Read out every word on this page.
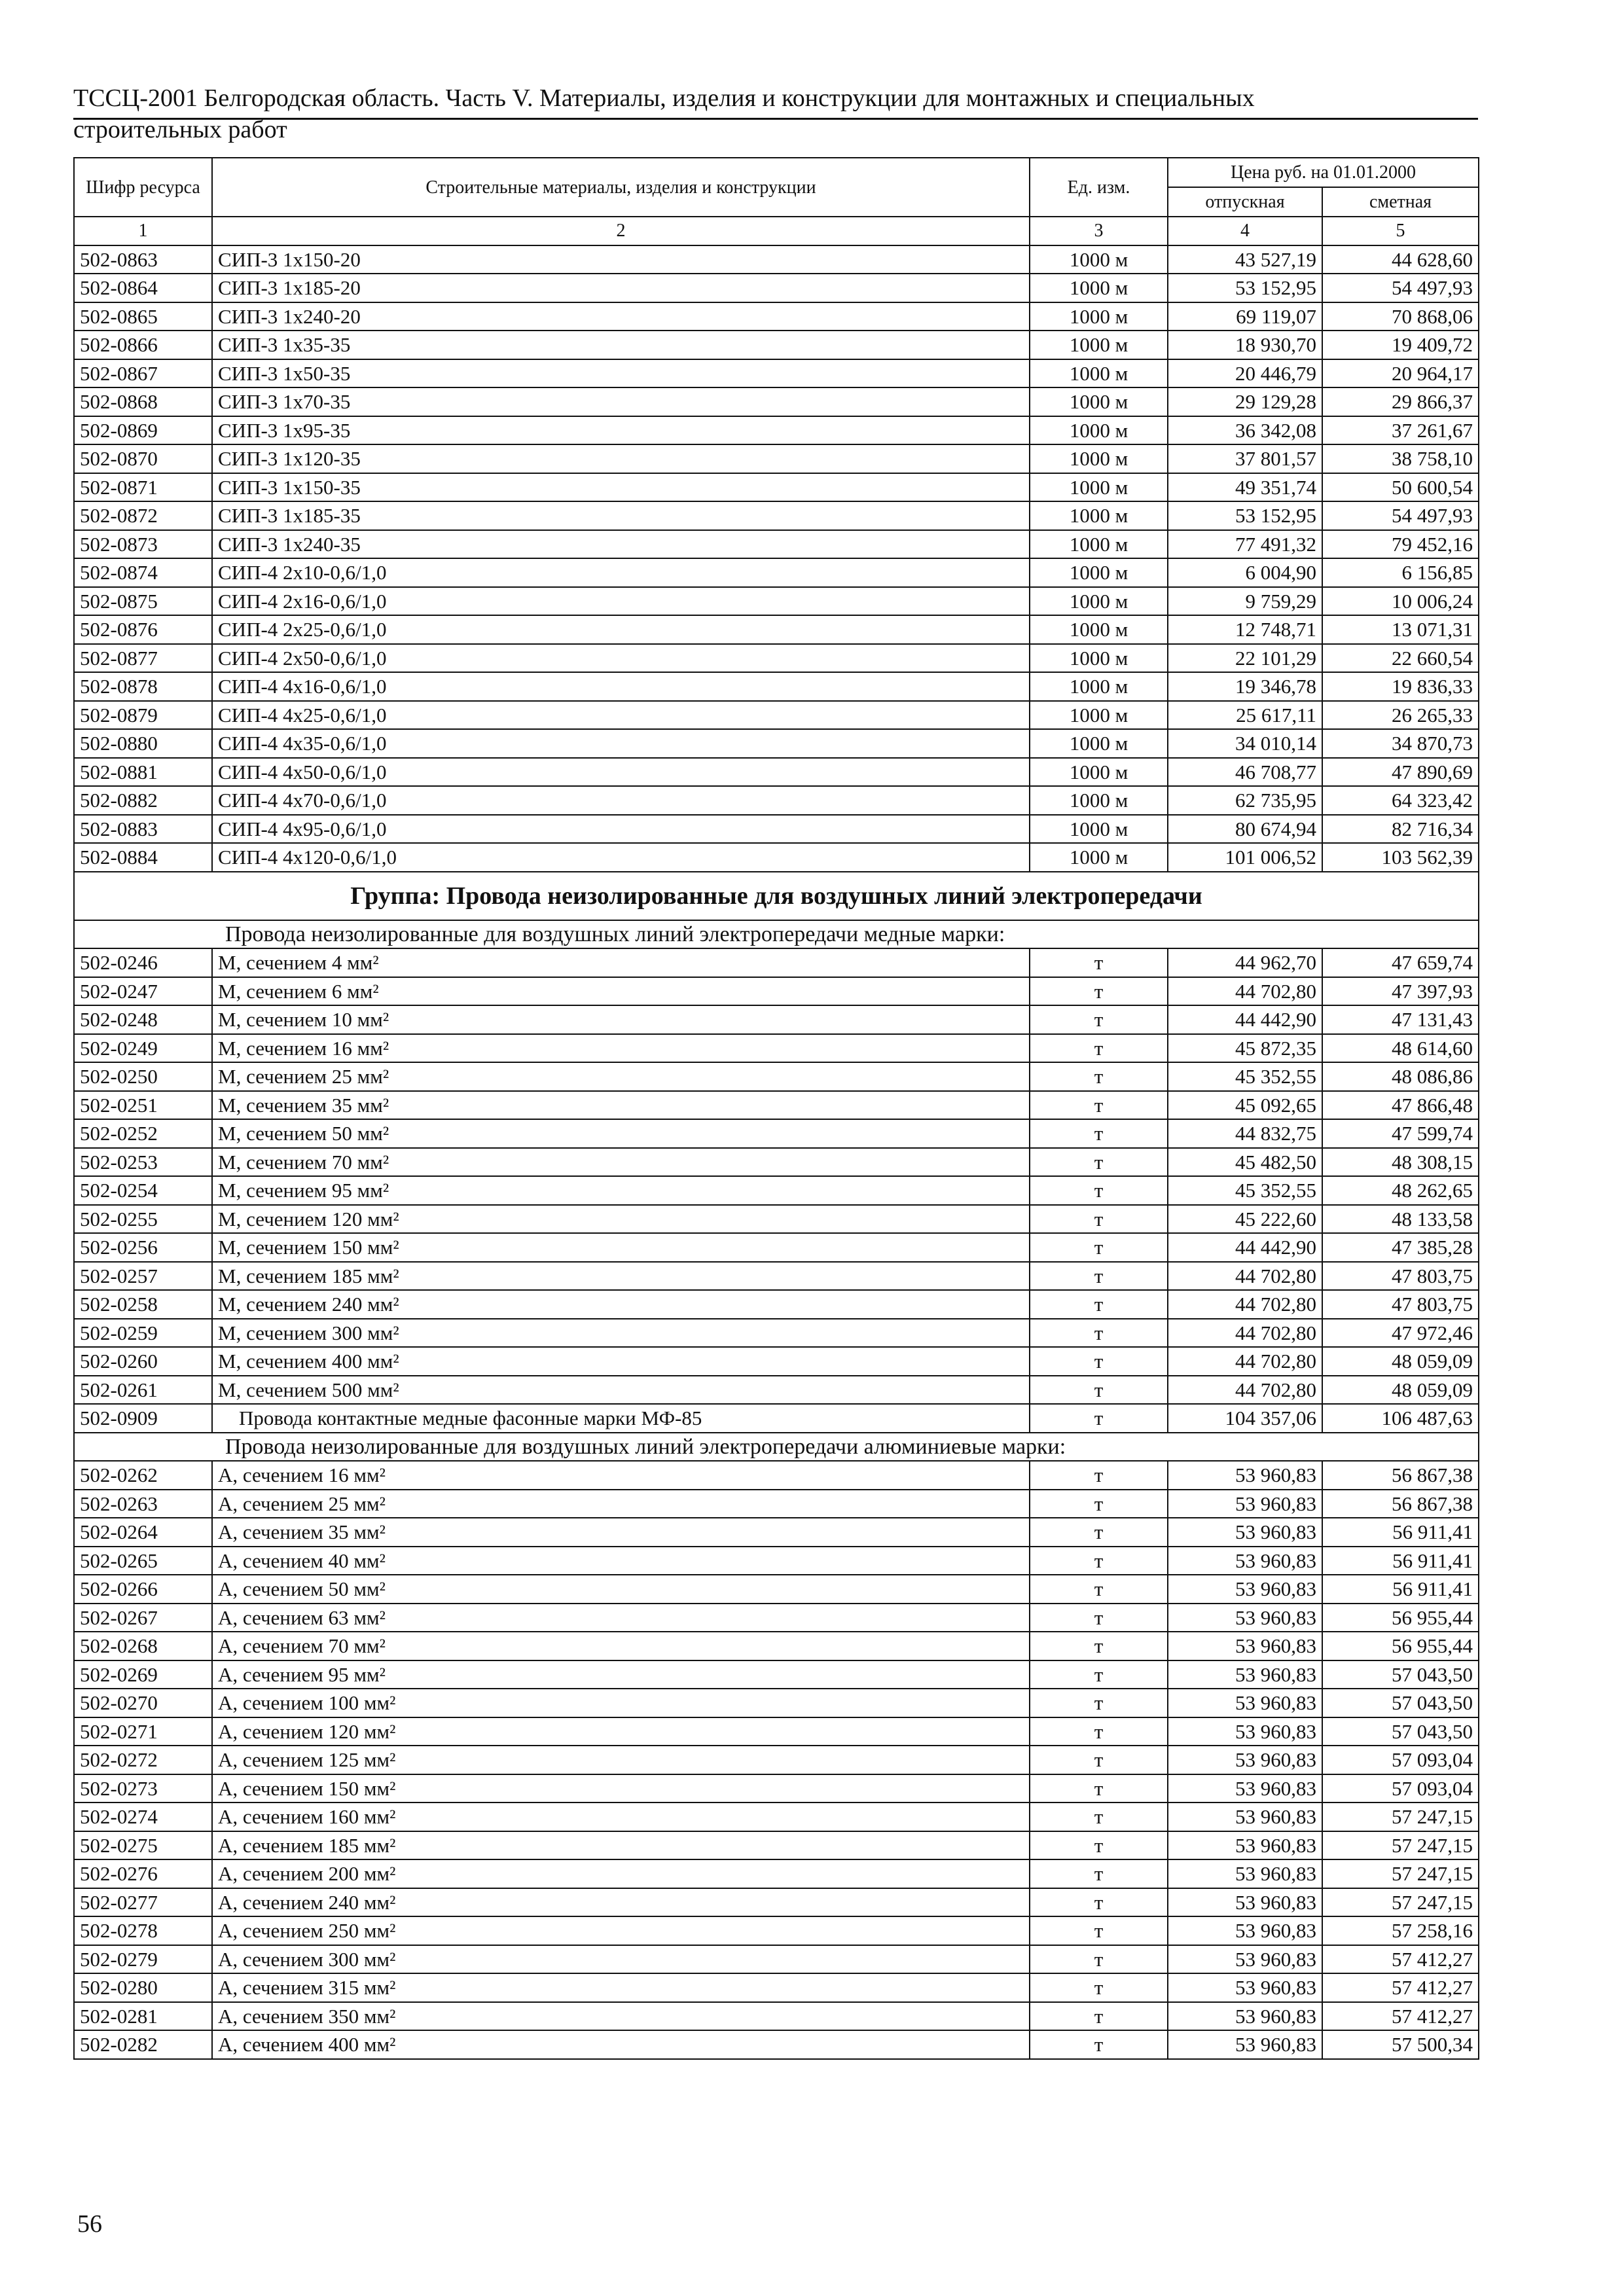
ТССЦ-2001 Белгородская область. Часть V. Материалы, изделия и конструкции для монтажных и специальных
строительных работ
Шифр ресурса	Строительные материалы, изделия и конструкции	Ед. изм.	Цена руб. на 01.01.2000	
			отпускная	сметная
1	2	3	4	5
502-0863	СИП-3 1х150-20	1000 м	43 527,19	44 628,60
502-0864	СИП-3 1х185-20	1000 м	53 152,95	54 497,93
502-0865	СИП-3 1х240-20	1000 м	69 119,07	70 868,06
502-0866	СИП-3 1х35-35	1000 м	18 930,70	19 409,72
502-0867	СИП-3 1х50-35	1000 м	20 446,79	20 964,17
502-0868	СИП-3 1х70-35	1000 м	29 129,28	29 866,37
502-0869	СИП-3 1х95-35	1000 м	36 342,08	37 261,67
502-0870	СИП-3 1х120-35	1000 м	37 801,57	38 758,10
502-0871	СИП-3 1х150-35	1000 м	49 351,74	50 600,54
502-0872	СИП-3 1х185-35	1000 м	53 152,95	54 497,93
502-0873	СИП-3 1х240-35	1000 м	77 491,32	79 452,16
502-0874	СИП-4 2х10-0,6/1,0	1000 м	6 004,90	6 156,85
502-0875	СИП-4 2х16-0,6/1,0	1000 м	9 759,29	10 006,24
502-0876	СИП-4 2х25-0,6/1,0	1000 м	12 748,71	13 071,31
502-0877	СИП-4 2х50-0,6/1,0	1000 м	22 101,29	22 660,54
502-0878	СИП-4 4х16-0,6/1,0	1000 м	19 346,78	19 836,33
502-0879	СИП-4 4х25-0,6/1,0	1000 м	25 617,11	26 265,33
502-0880	СИП-4 4х35-0,6/1,0	1000 м	34 010,14	34 870,73
502-0881	СИП-4 4х50-0,6/1,0	1000 м	46 708,77	47 890,69
502-0882	СИП-4 4х70-0,6/1,0	1000 м	62 735,95	64 323,42
502-0883	СИП-4 4х95-0,6/1,0	1000 м	80 674,94	82 716,34
502-0884	СИП-4 4х120-0,6/1,0	1000 м	101 006,52	103 562,39
Группа: Провода неизолированные для воздушных линий электропередачи				
Провода неизолированные для воздушных линий электропередачи медные марки:				
502-0246	М, сечением 4 мм²	т	44 962,70	47 659,74
502-0247	М, сечением 6 мм²	т	44 702,80	47 397,93
502-0248	М, сечением 10 мм²	т	44 442,90	47 131,43
502-0249	М, сечением 16 мм²	т	45 872,35	48 614,60
502-0250	М, сечением 25 мм²	т	45 352,55	48 086,86
502-0251	М, сечением 35 мм²	т	45 092,65	47 866,48
502-0252	М, сечением 50 мм²	т	44 832,75	47 599,74
502-0253	М, сечением 70 мм²	т	45 482,50	48 308,15
502-0254	М, сечением 95 мм²	т	45 352,55	48 262,65
502-0255	М, сечением 120 мм²	т	45 222,60	48 133,58
502-0256	М, сечением 150 мм²	т	44 442,90	47 385,28
502-0257	М, сечением 185 мм²	т	44 702,80	47 803,75
502-0258	М, сечением 240 мм²	т	44 702,80	47 803,75
502-0259	М, сечением 300 мм²	т	44 702,80	47 972,46
502-0260	М, сечением 400 мм²	т	44 702,80	48 059,09
502-0261	М, сечением 500 мм²	т	44 702,80	48 059,09
502-0909	Провода контактные медные фасонные марки МФ-85	т	104 357,06	106 487,63
Провода неизолированные для воздушных линий электропередачи алюминиевые марки:				
502-0262	А, сечением 16 мм²	т	53 960,83	56 867,38
502-0263	А, сечением 25 мм²	т	53 960,83	56 867,38
502-0264	А, сечением 35 мм²	т	53 960,83	56 911,41
502-0265	А, сечением 40 мм²	т	53 960,83	56 911,41
502-0266	А, сечением 50 мм²	т	53 960,83	56 911,41
502-0267	А, сечением 63 мм²	т	53 960,83	56 955,44
502-0268	А, сечением 70 мм²	т	53 960,83	56 955,44
502-0269	А, сечением 95 мм²	т	53 960,83	57 043,50
502-0270	А, сечением 100 мм²	т	53 960,83	57 043,50
502-0271	А, сечением 120 мм²	т	53 960,83	57 043,50
502-0272	А, сечением 125 мм²	т	53 960,83	57 093,04
502-0273	А, сечением 150 мм²	т	53 960,83	57 093,04
502-0274	А, сечением 160 мм²	т	53 960,83	57 247,15
502-0275	А, сечением 185 мм²	т	53 960,83	57 247,15
502-0276	А, сечением 200 мм²	т	53 960,83	57 247,15
502-0277	А, сечением 240 мм²	т	53 960,83	57 247,15
502-0278	А, сечением 250 мм²	т	53 960,83	57 258,16
502-0279	А, сечением 300 мм²	т	53 960,83	57 412,27
502-0280	А, сечением 315 мм²	т	53 960,83	57 412,27
502-0281	А, сечением 350 мм²	т	53 960,83	57 412,27
502-0282	А, сечением 400 мм²	т	53 960,83	57 500,34
56
